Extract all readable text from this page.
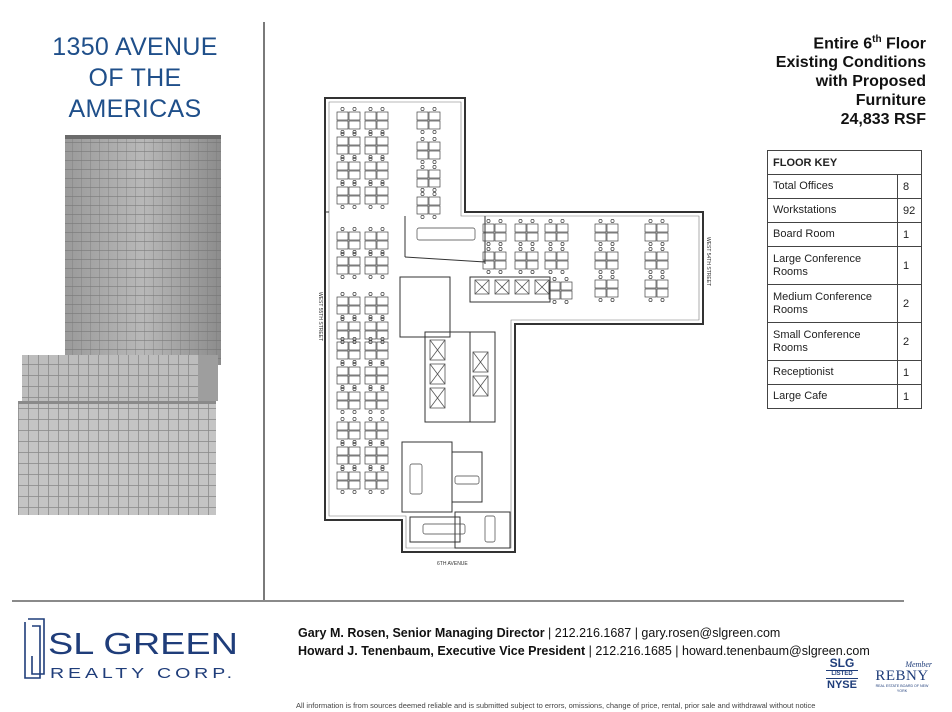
1350 AVENUE
OF THE
AMERICAS
Entire 6th Floor
Existing Conditions
with Proposed
Furniture
24,833 RSF
FLOOR KEY	
Total Offices	8
Workstations	92
Board Room	1
Large Conference Rooms	1
Medium Conference Rooms	2
Small Conference Rooms	2
Receptionist	1
Large Cafe	1
WEST 55TH STREET
WEST 54TH STREET
6TH AVENUE
SL GREEN
REALTY CORP.
Gary M. Rosen, Senior Managing Director | 212.216.1687 | gary.rosen@slgreen.com
Howard J. Tenenbaum, Executive Vice President | 212.216.1685 | howard.tenenbaum@slgreen.com
SLG
LISTED
NYSE
Member
REBNY
REAL ESTATE BOARD OF NEW YORK
All information is from sources deemed reliable and is submitted subject to errors, omissions, change of price, rental, prior sale and withdrawal without notice
